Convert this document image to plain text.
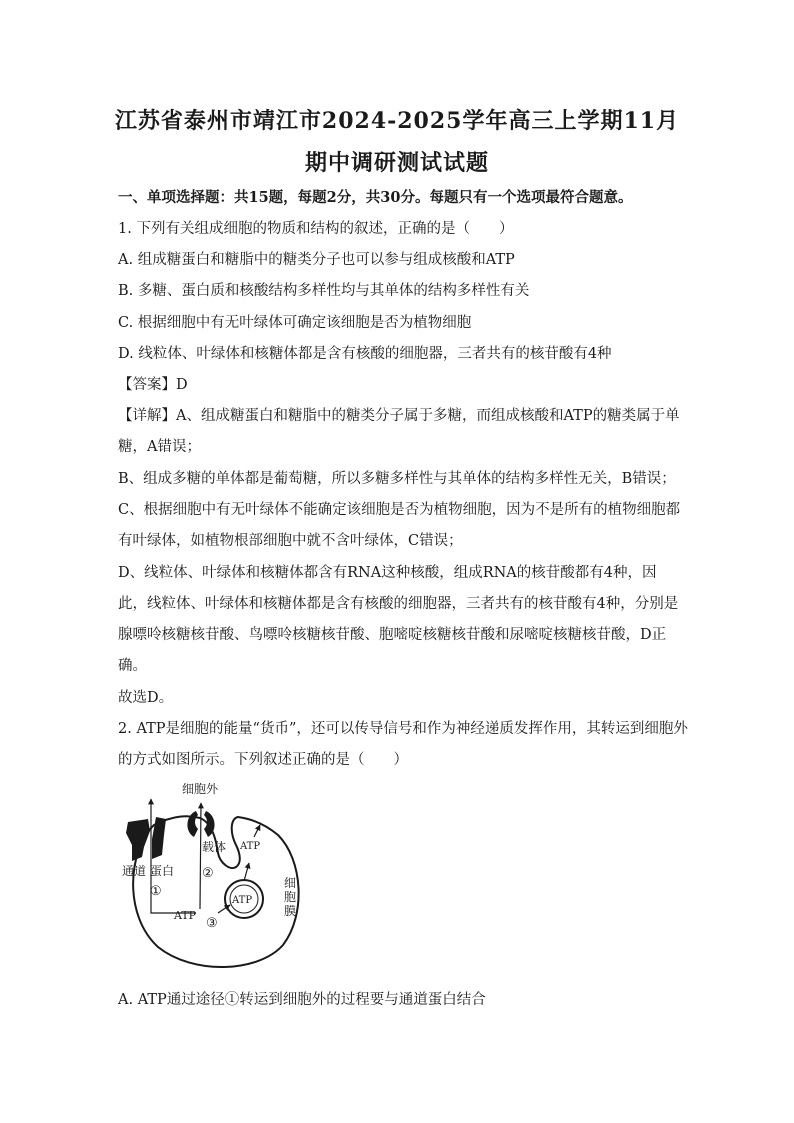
江苏省泰州市靖江市2024-2025学年高三上学期11月
期中调研测试试题
一、单项选择题：共15题，每题2分，共30分。每题只有一个选项最符合题意。
1. 下列有关组成细胞的物质和结构的叙述，正确的是（　　）
A. 组成糖蛋白和糖脂中的糖类分子也可以参与组成核酸和ATP
B. 多糖、蛋白质和核酸结构多样性均与其单体的结构多样性有关
C. 根据细胞中有无叶绿体可确定该细胞是否为植物细胞
D. 线粒体、叶绿体和核糖体都是含有核酸的细胞器，三者共有的核苷酸有4种
【答案】D
【详解】A、组成糖蛋白和糖脂中的糖类分子属于多糖，而组成核酸和ATP的糖类属于单
糖，A错误；
B、组成多糖的单体都是葡萄糖，所以多糖多样性与其单体的结构多样性无关，B错误；
C、根据细胞中有无叶绿体不能确定该细胞是否为植物细胞，因为不是所有的植物细胞都
有叶绿体，如植物根部细胞中就不含叶绿体，C错误；
D、线粒体、叶绿体和核糖体都含有RNA这种核酸，组成RNA的核苷酸都有4种，因
此，线粒体、叶绿体和核糖体都是含有核酸的细胞器，三者共有的核苷酸有4种，分别是
腺嘌呤核糖核苷酸、鸟嘌呤核糖核苷酸、胞嘧啶核糖核苷酸和尿嘧啶核糖核苷酸，D正
确。
故选D。
2. ATP是细胞的能量“货币”，还可以传导信号和作为神经递质发挥作用，其转运到细胞外
的方式如图所示。下列叙述正确的是（　　）
细胞外
载体
通道 蛋白
①
②
③
ATP
ATP
ATP
细
胞
膜
A. ATP通过途径①转运到细胞外的过程要与通道蛋白结合
